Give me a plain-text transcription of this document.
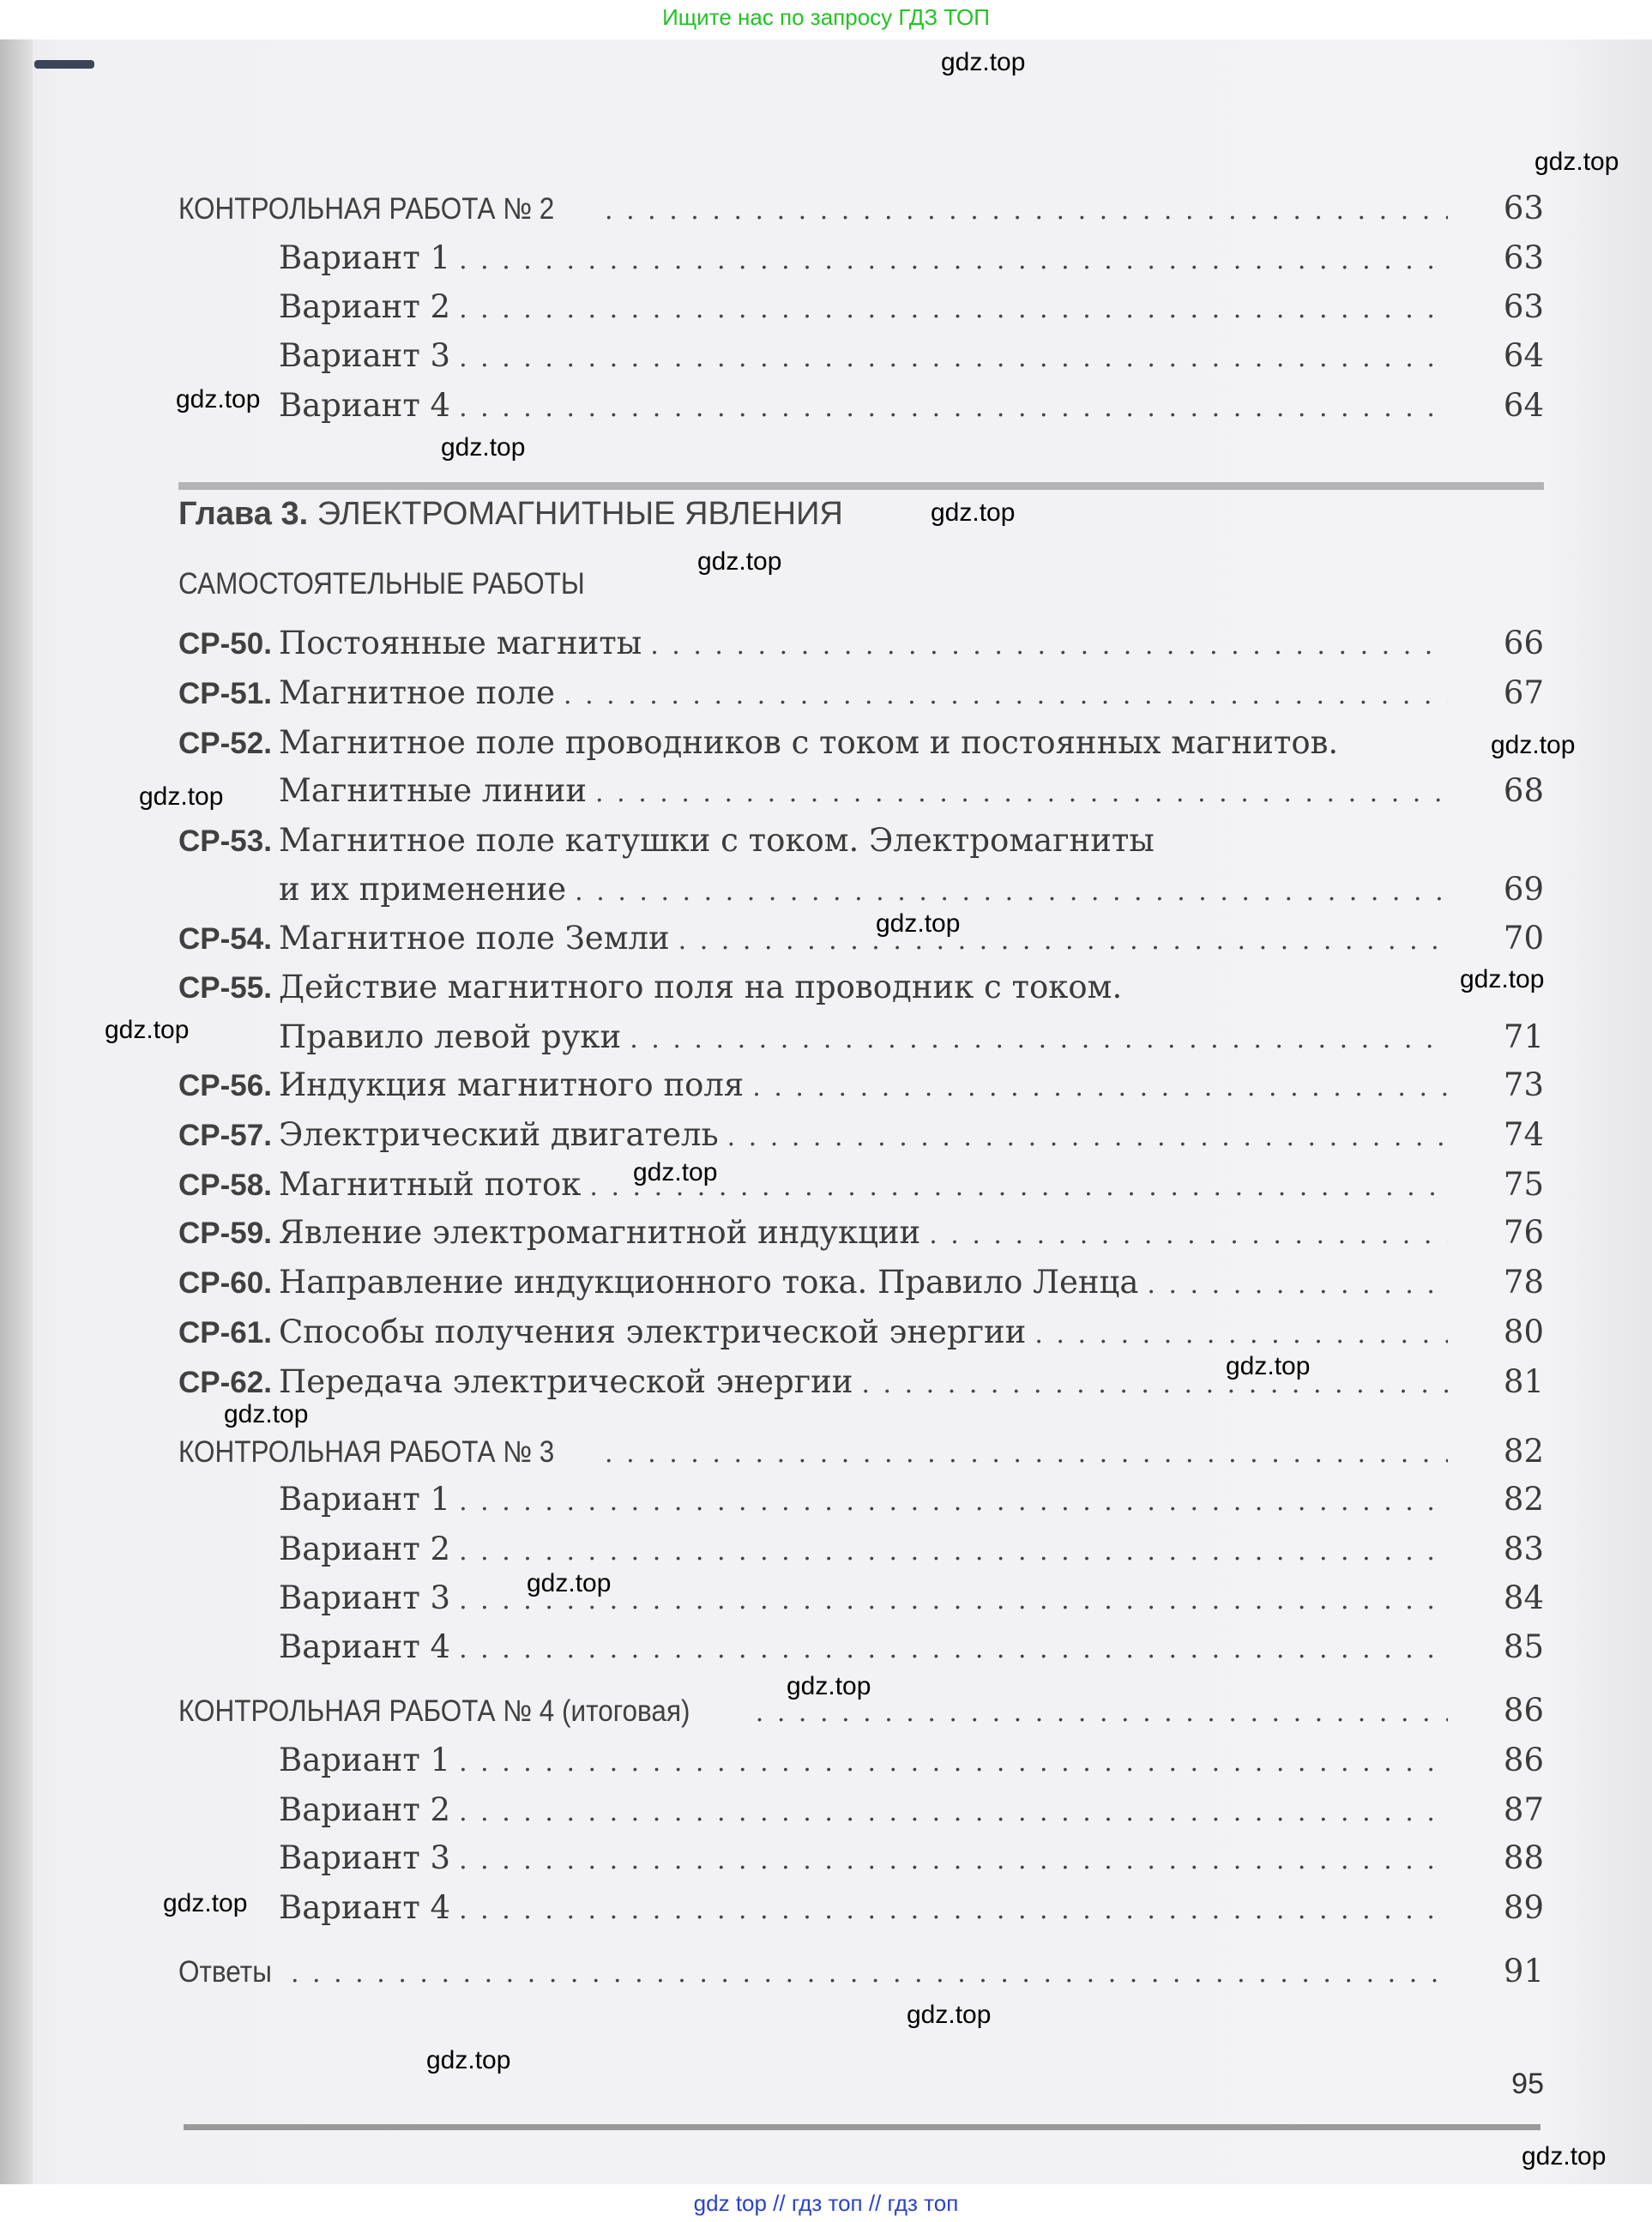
Ищите нас по запросу ГДЗ ТОП
Глава 3. ЭЛЕКТРОМАГНИТНЫЕ ЯВЛЕНИЯ
КОНТРОЛЬНАЯ РАБОТА № 2 . . .	63
Вариант 1 . . .	63
Вариант 2 . . .	63
Вариант 3 . . .	64
Вариант 4 . . .	64
САМОСТОЯТЕЛЬНЫЕ РАБОТЫ
СР-50. Постоянные магниты . . .	66
СР-51. Магнитное поле . . .	67
СР-52. Магнитное поле проводников с током и постоянных магнитов.
Магнитные линии . . .	68
СР-53. Магнитное поле катушки с током. Электромагниты
и их применение . . .	69
СР-54. Магнитное поле Земли . . .	70
СР-55. Действие магнитного поля на проводник с током.
Правило левой руки . . .	71
СР-56. Индукция магнитного поля . . .	73
СР-57. Электрический двигатель . . .	74
СР-58. Магнитный поток . . .	75
СР-59. Явление электромагнитной индукции . . .	76
СР-60. Направление индукционного тока. Правило Ленца . . .	78
СР-61. Способы получения электрической энергии . . .	80
СР-62. Передача электрической энергии . . .	81
КОНТРОЛЬНАЯ РАБОТА № 3 . . .	82
Вариант 1 . . .	82
Вариант 2 . . .	83
Вариант 3 . . .	84
Вариант 4 . . .	85
КОНТРОЛЬНАЯ РАБОТА № 4 (итоговая) . . .	86
Вариант 1 . . .	86
Вариант 2 . . .	87
Вариант 3 . . .	88
Вариант 4 . . .	89
Ответы . . .	91
95
gdz.top
gdz.top
gdz.top
gdz.top
gdz.top
gdz.top
gdz.top
gdz.top
gdz.top
gdz.top
gdz.top
gdz.top
gdz.top
gdz.top
gdz.top
gdz.top
gdz.top
gdz.top
gdz.top
gdz.top
gdz top // гдз топ // гдз топ
